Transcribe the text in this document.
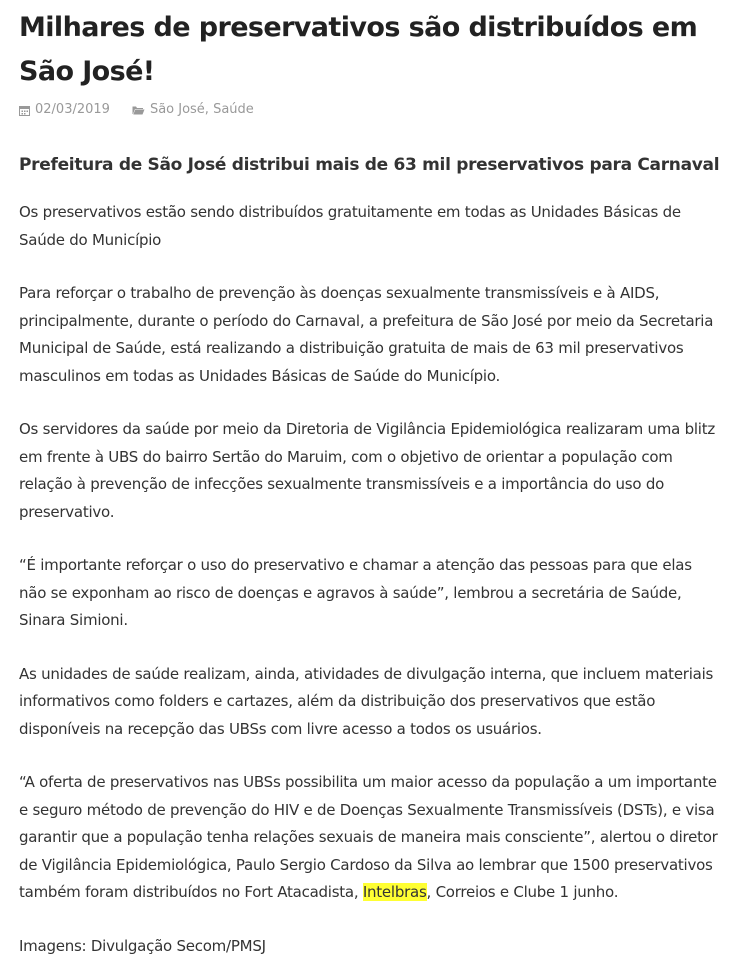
Milhares de preservativos são distribuídos em São José!
02/03/2019	São José, Saúde
Prefeitura de São José distribui mais de 63 mil preservativos para Carnaval

Os preservativos estão sendo distribuídos gratuitamente em todas as Unidades Básicas de Saúde do Município

Para reforçar o trabalho de prevenção às doenças sexualmente transmissíveis e à AIDS, principalmente, durante o período do Carnaval, a prefeitura de São José por meio da Secretaria Municipal de Saúde, está realizando a distribuição gratuita de mais de 63 mil preservativos masculinos em todas as Unidades Básicas de Saúde do Município.

Os servidores da saúde por meio da Diretoria de Vigilância Epidemiológica realizaram uma blitz em frente à UBS do bairro Sertão do Maruim, com o objetivo de orientar a população com relação à prevenção de infecções sexualmente transmissíveis e a importância do uso do preservativo.

“É importante reforçar o uso do preservativo e chamar a atenção das pessoas para que elas não se exponham ao risco de doenças e agravos à saúde”, lembrou a secretária de Saúde, Sinara Simioni.

As unidades de saúde realizam, ainda, atividades de divulgação interna, que incluem materiais informativos como folders e cartazes, além da distribuição dos preservativos que estão disponíveis na recepção das UBSs com livre acesso a todos os usuários.

“A oferta de preservativos nas UBSs possibilita um maior acesso da população a um importante e seguro método de prevenção do HIV e de Doenças Sexualmente Transmissíveis (DSTs), e visa garantir que a população tenha relações sexuais de maneira mais consciente”, alertou o diretor de Vigilância Epidemiológica, Paulo Sergio Cardoso da Silva ao lembrar que 1500 preservativos também foram distribuídos no Fort Atacadista, Intelbras, Correios e Clube 1 junho.

Imagens: Divulgação Secom/PMSJ
